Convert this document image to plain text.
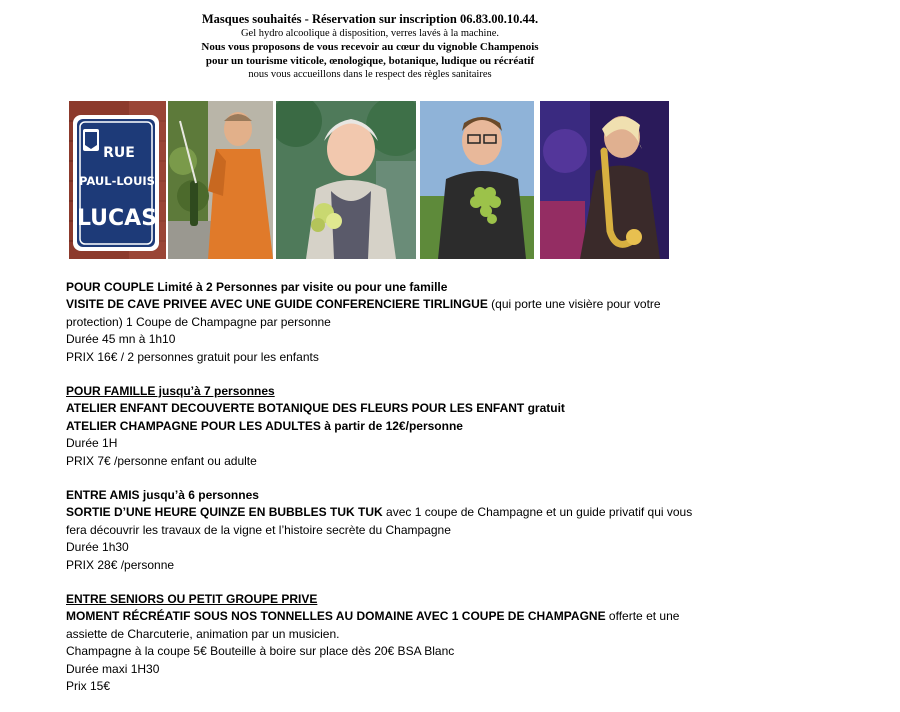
Masques souhaités - Réservation sur inscription 06.83.00.10.44.
Gel hydro alcoolique à disposition, verres lavés à la machine.
Nous vous proposons de vous recevoir au cœur du vignoble Champenois
pour un tourisme viticole, œnologique, botanique, ludique ou récréatif
nous vous accueillons dans le respect des règles sanitaires
RUE
PAUL-LOUIS
LUCAS
POUR COUPLE Limité à 2 Personnes par visite ou pour une famille
VISITE DE CAVE PRIVEE AVEC UNE GUIDE CONFERENCIERE TIRLINGUE (qui porte une visière pour votre
protection) 1 Coupe de Champagne par personne
Durée 45 mn à 1h10
PRIX 16€ / 2 personnes gratuit pour les enfants
POUR FAMILLE jusqu’à 7 personnes
ATELIER ENFANT DECOUVERTE BOTANIQUE DES FLEURS POUR LES ENFANT gratuit
ATELIER CHAMPAGNE POUR LES ADULTES à partir de 12€/personne
Durée 1H
PRIX 7€ /personne enfant ou adulte
ENTRE AMIS jusqu’à 6 personnes
SORTIE D’UNE HEURE QUINZE EN BUBBLES TUK TUK avec 1 coupe de Champagne et un guide privatif qui vous
fera découvrir les travaux de la vigne et l’histoire secrète du Champagne
Durée 1h30
PRIX 28€ /personne
ENTRE SENIORS OU PETIT GROUPE PRIVE
MOMENT RÉCRÉATIF SOUS NOS TONNELLES AU DOMAINE AVEC 1 COUPE DE CHAMPAGNE offerte et une
assiette de Charcuterie, animation par un musicien.
Champagne à la coupe 5€ Bouteille à boire sur place dès 20€ BSA Blanc
Durée maxi 1H30
Prix 15€
